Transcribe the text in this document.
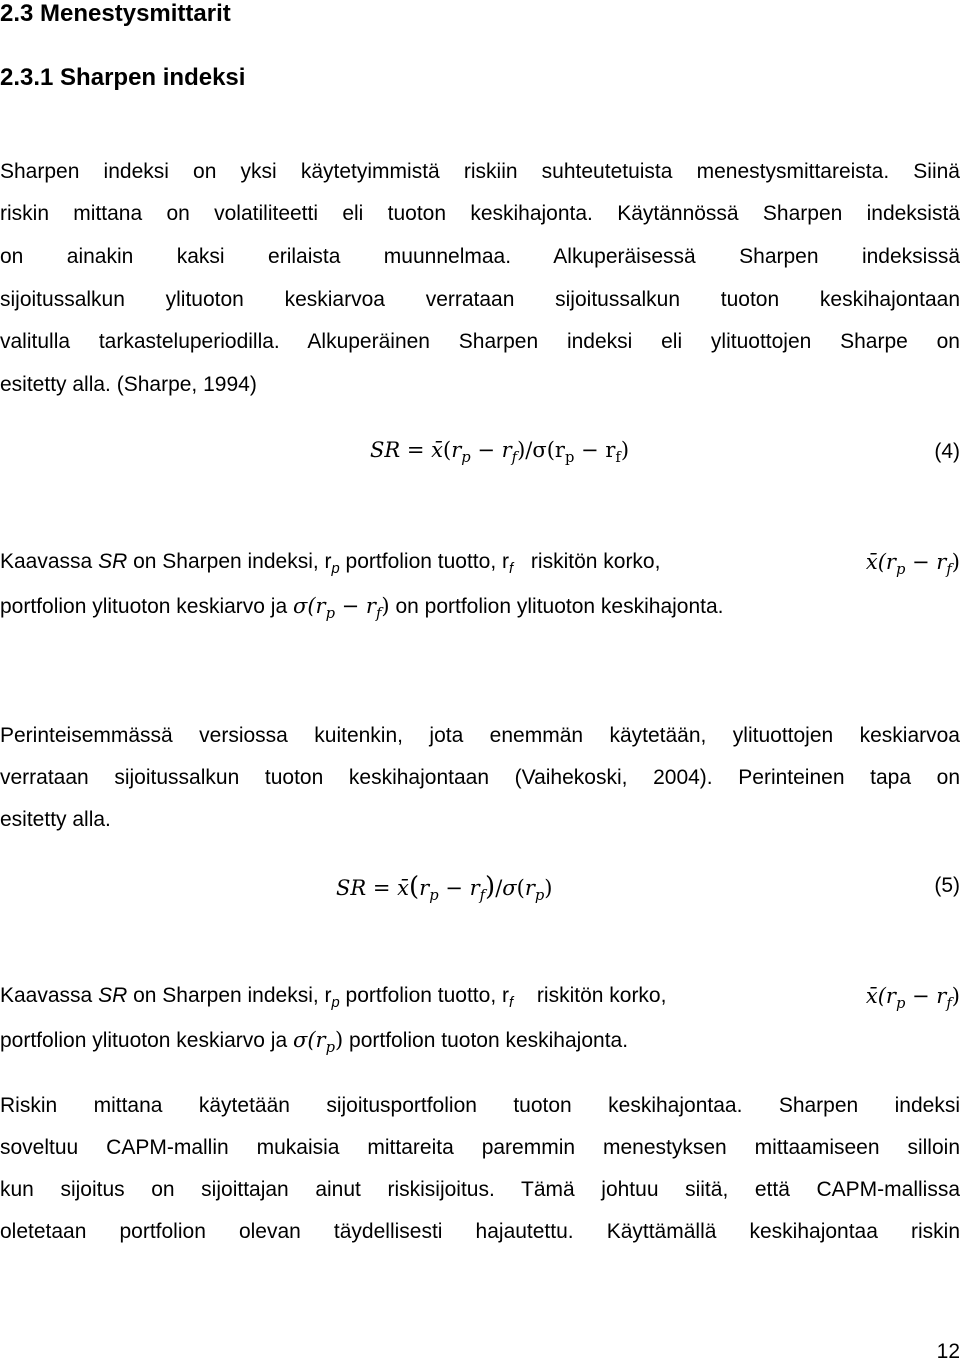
2.3 Menestysmittarit
2.3.1 Sharpen indeksi
Sharpen indeksi on yksi käytetyimmistä riskiin suhteutetuista menestysmittareista. Siinä
riskin mittana on volatiliteetti eli tuoton keskihajonta. Käytännössä Sharpen indeksistä
on ainakin kaksi erilaista muunnelmaa. Alkuperäisessä Sharpen indeksissä
sijoitussalkun ylituoton keskiarvoa verrataan sijoitussalkun tuoton keskihajontaan
valitulla tarkasteluperiodilla. Alkuperäinen Sharpen indeksi eli ylituottojen Sharpe on
esitetty alla. (Sharpe, 1994)
SR = $x̄(r_p - r_f)/\sigma(r_p - r_f)$	(4)
Kaavassa SR on Sharpen indeksi, $r_p$ portfolion tuotto, $r_f$ riskitön korko,	$x̄(r_p - r_f)$
portfolion ylituoton keskiarvo ja $\sigma(r_p - r_f)$ on portfolion ylituoton keskihajonta.
Perinteisemmässä versiossa kuitenkin, jota enemmän käytetään, ylituottojen keskiarvoa
verrataan sijoitussalkun tuoton keskihajontaan (Vaihekoski, 2004). Perinteinen tapa on
esitetty alla.
SR = $x̄(r_p - r_f)/\sigma(r_p)$	(5)
Kaavassa SR on Sharpen indeksi, $r_p$ portfolion tuotto, $r_f$ riskitön korko,	$x̄(r_p - r_f)$
portfolion ylituoton keskiarvo ja $\sigma(r_p)$ portfolion tuoton keskihajonta.
Riskin mittana käytetään sijoitusportfolion tuoton keskihajontaa. Sharpen indeksi
soveltuu CAPM-mallin mukaisia mittareita paremmin menestyksen mittaamiseen silloin
kun sijoitus on sijoittajan ainut riskisijoitus. Tämä johtuu siitä, että CAPM-mallissa
oletetaan portfolion olevan täydellisesti hajautettu. Käyttämällä keskihajontaa riskin
12
